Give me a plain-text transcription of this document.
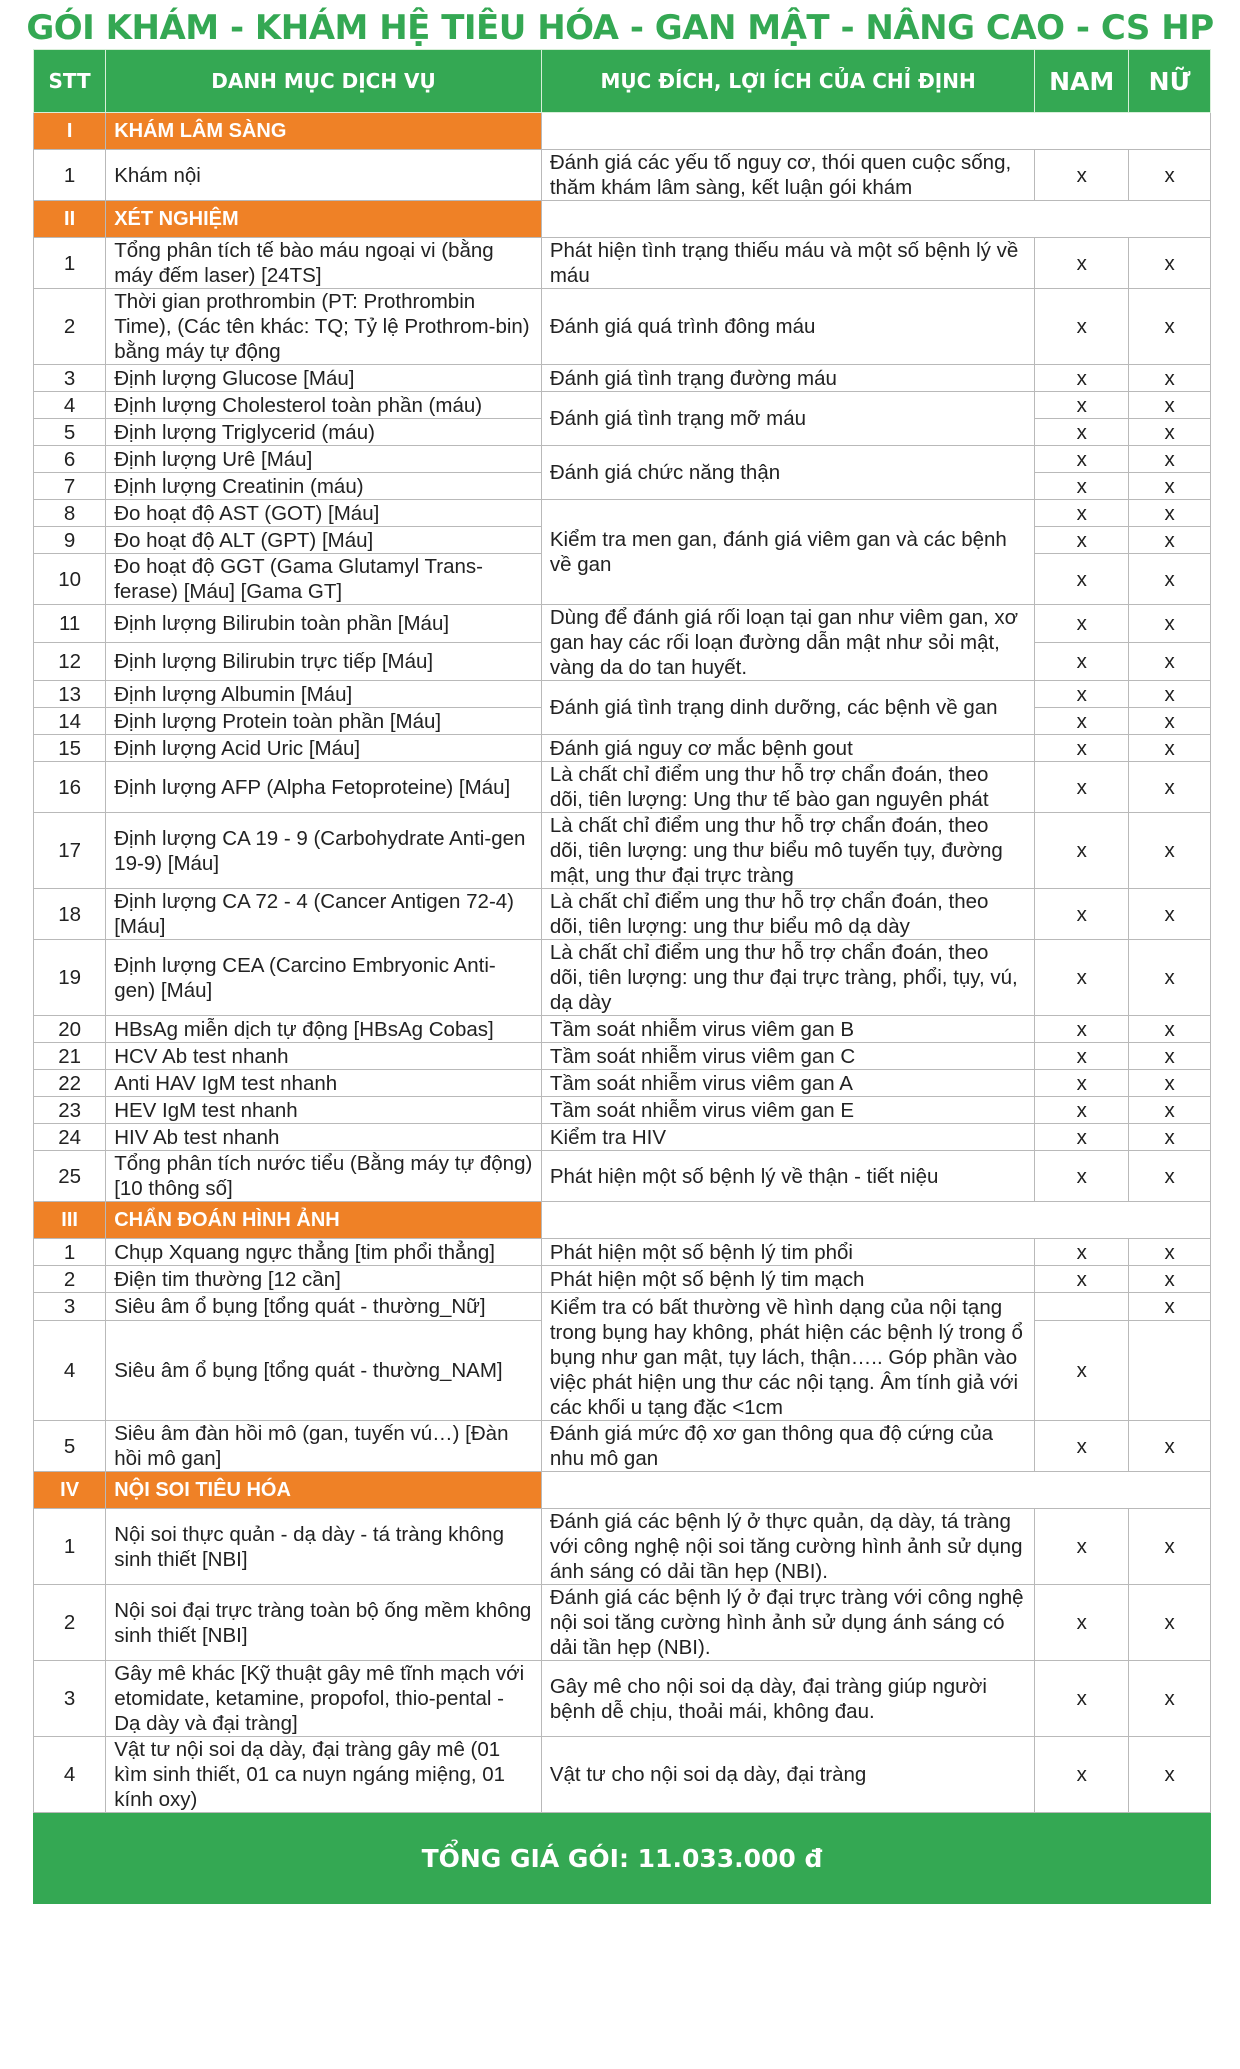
GÓI KHÁM - KHÁM HỆ TIÊU HÓA - GAN MẬT - NÂNG CAO - CS HP
STT	DANH MỤC DỊCH VỤ	MỤC ĐÍCH, LỢI ÍCH CỦA CHỈ ĐỊNH	NAM	NỮ
I	KHÁM LÂM SÀNG			
1	Khám nội	Đánh giá các yếu tố nguy cơ, thói quen cuộc sống, thăm khám lâm sàng, kết luận gói khám	x	x
II	XÉT NGHIỆM			
1	Tổng phân tích tế bào máu ngoại vi (bằng máy đếm laser) [24TS]	Phát hiện tình trạng thiếu máu và một số bệnh lý về máu	x	x
2	Thời gian prothrombin (PT: Prothrombin Time), (Các tên khác: TQ; Tỷ lệ Prothrom-bin) bằng máy tự động	Đánh giá quá trình đông máu	x	x
3	Định lượng Glucose [Máu]	Đánh giá tình trạng đường máu	x	x
4	Định lượng Cholesterol toàn phần (máu)	Đánh giá tình trạng mỡ máu	x	x
5	Định lượng Triglycerid (máu)		x	x
6	Định lượng Urê [Máu]	Đánh giá chức năng thận	x	x
7	Định lượng Creatinin (máu)		x	x
8	Đo hoạt độ AST (GOT) [Máu]	Kiểm tra men gan, đánh giá viêm gan và các bệnh về gan	x	x
9	Đo hoạt độ ALT (GPT) [Máu]		x	x
10	Đo hoạt độ GGT (Gama Glutamyl Trans-ferase) [Máu] [Gama GT]		x	x
11	Định lượng Bilirubin toàn phần [Máu]	Dùng để đánh giá rối loạn tại gan như viêm gan, xơ gan hay các rối loạn đường dẫn mật như sỏi mật, vàng da do tan huyết.	x	x
12	Định lượng Bilirubin trực tiếp [Máu]		x	x
13	Định lượng Albumin [Máu]	Đánh giá tình trạng dinh dưỡng, các bệnh về gan	x	x
14	Định lượng Protein toàn phần [Máu]		x	x
15	Định lượng Acid Uric [Máu]	Đánh giá nguy cơ mắc bệnh gout	x	x
16	Định lượng AFP (Alpha Fetoproteine) [Máu]	Là chất chỉ điểm ung thư hỗ trợ chẩn đoán, theo dõi, tiên lượng: Ung thư tế bào gan nguyên phát	x	x
17	Định lượng CA 19 - 9 (Carbohydrate Anti-gen 19-9) [Máu]	Là chất chỉ điểm ung thư hỗ trợ chẩn đoán, theo dõi, tiên lượng: ung thư biểu mô tuyến tụy, đường mật, ung thư đại trực tràng	x	x
18	Định lượng CA 72 - 4 (Cancer Antigen 72-4) [Máu]	Là chất chỉ điểm ung thư hỗ trợ chẩn đoán, theo dõi, tiên lượng: ung thư biểu mô dạ dày	x	x
19	Định lượng CEA (Carcino Embryonic Anti-gen) [Máu]	Là chất chỉ điểm ung thư hỗ trợ chẩn đoán, theo dõi, tiên lượng: ung thư đại trực tràng, phổi, tụy, vú, dạ dày	x	x
20	HBsAg miễn dịch tự động [HBsAg Cobas]	Tầm soát nhiễm virus viêm gan B	x	x
21	HCV Ab test nhanh	Tầm soát nhiễm virus viêm gan C	x	x
22	Anti HAV IgM test nhanh	Tầm soát nhiễm virus viêm gan A	x	x
23	HEV IgM test nhanh	Tầm soát nhiễm virus viêm gan E	x	x
24	HIV Ab test nhanh	Kiểm tra HIV	x	x
25	Tổng phân tích nước tiểu (Bằng máy tự động) [10 thông số]	Phát hiện một số bệnh lý về thận - tiết niệu	x	x
III	CHẨN ĐOÁN HÌNH ẢNH			
1	Chụp Xquang ngực thẳng [tim phổi thẳng]	Phát hiện một số bệnh lý tim phổi	x	x
2	Điện tim thường [12 cần]	Phát hiện một số bệnh lý tim mạch	x	x
3	Siêu âm ổ bụng [tổng quát - thường_Nữ]	Kiểm tra có bất thường về hình dạng của nội tạng trong bụng hay không, phát hiện các bệnh lý trong ổ bụng như gan mật, tụy lách, thận….. Góp phần vào việc phát hiện ung thư các nội tạng. Âm tính giả với các khối u tạng đặc <1cm		x
4	Siêu âm ổ bụng [tổng quát - thường_NAM]		x	
5	Siêu âm đàn hồi mô (gan, tuyến vú…) [Đàn hồi mô gan]	Đánh giá mức độ xơ gan thông qua độ cứng của nhu mô gan	x	x
IV	NỘI SOI TIÊU HÓA			
1	Nội soi thực quản - dạ dày - tá tràng không sinh thiết [NBI]	Đánh giá các bệnh lý ở thực quản, dạ dày, tá tràng với công nghệ nội soi tăng cường hình ảnh sử dụng ánh sáng có dải tần hẹp (NBI).	x	x
2	Nội soi đại trực tràng toàn bộ ống mềm không sinh thiết [NBI]	Đánh giá các bệnh lý ở đại trực tràng với công nghệ nội soi tăng cường hình ảnh sử dụng ánh sáng có dải tần hẹp (NBI).	x	x
3	Gây mê khác [Kỹ thuật gây mê tĩnh mạch với etomidate, ketamine, propofol, thio-pental - Dạ dày và đại tràng]	Gây mê cho nội soi dạ dày, đại tràng giúp người bệnh dễ chịu, thoải mái, không đau.	x	x
4	Vật tư nội soi dạ dày, đại tràng gây mê (01 kìm sinh thiết, 01 ca nuyn ngáng miệng, 01 kính oxy)	Vật tư cho nội soi dạ dày, đại tràng	x	x
TỔNG GIÁ GÓI: 11.033.000 đ				
